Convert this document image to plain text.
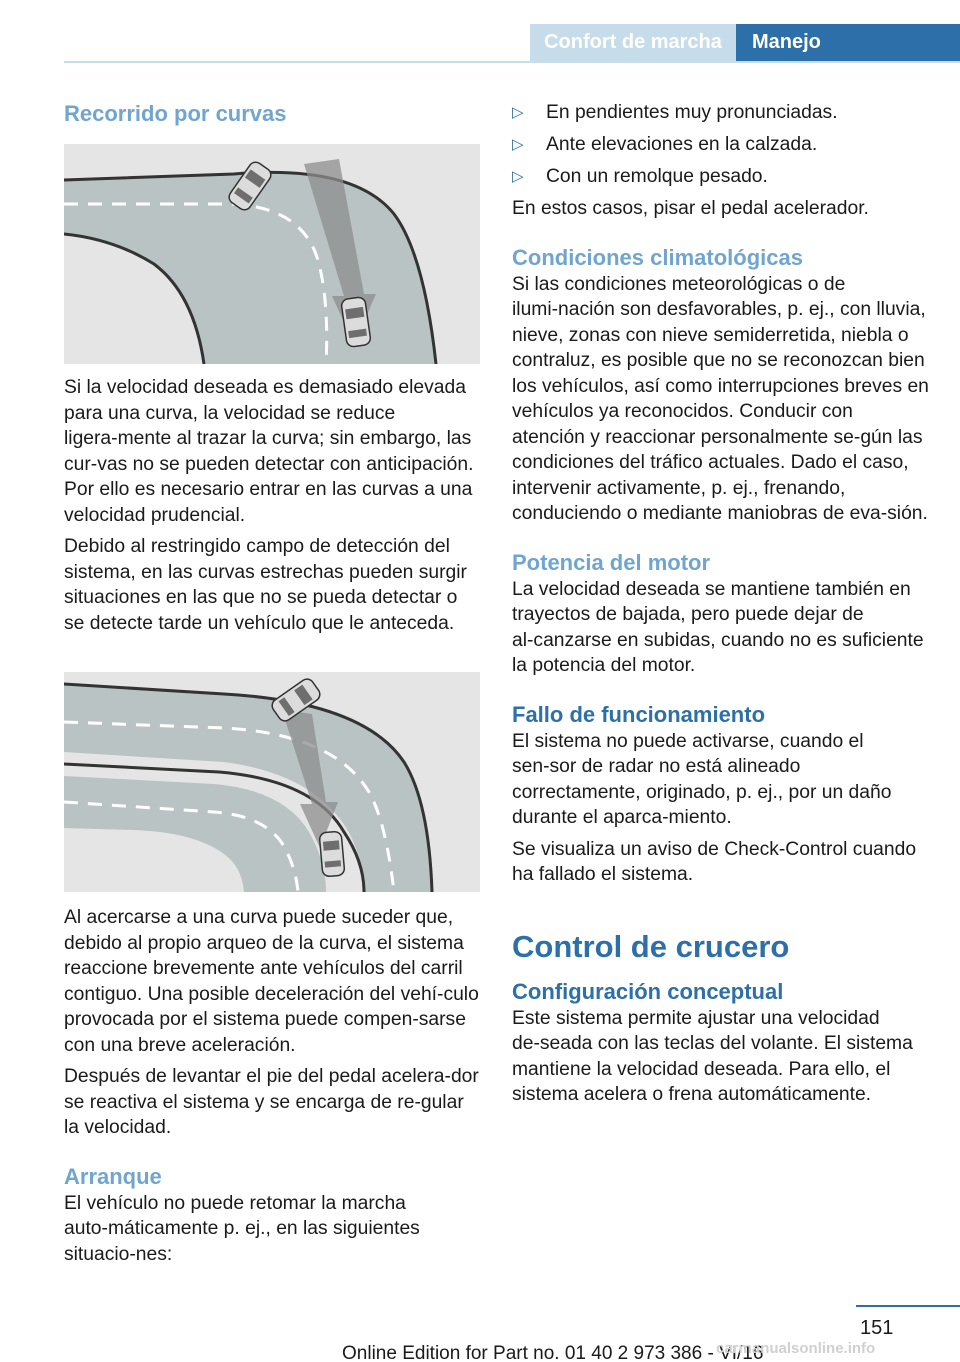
Confort de marcha	Manejo
Recorrido por curvas
Si la velocidad deseada es demasiado elevada para una curva, la velocidad se reduce ligera‑mente al trazar la curva; sin embargo, las cur‑vas no se pueden detectar con anticipación. Por ello es necesario entrar en las curvas a una velocidad prudencial.
Debido al restringido campo de detección del sistema, en las curvas estrechas pueden surgir situaciones en las que no se pueda detectar o se detecte tarde un vehículo que le anteceda.
Al acercarse a una curva puede suceder que, debido al propio arqueo de la curva, el sistema reaccione brevemente ante vehículos del carril contiguo. Una posible deceleración del vehí‑culo provocada por el sistema puede compen‑sarse con una breve aceleración.
Después de levantar el pie del pedal acelera‑dor se reactiva el sistema y se encarga de re‑gular la velocidad.
Arranque
El vehículo no puede retomar la marcha auto‑máticamente p. ej., en las siguientes situacio‑nes:
▷ En pendientes muy pronunciadas.
▷ Ante elevaciones en la calzada.
▷ Con un remolque pesado.
En estos casos, pisar el pedal acelerador.
Condiciones climatológicas
Si las condiciones meteorológicas o de ilumi‑nación son desfavorables, p. ej., con lluvia, nieve, zonas con nieve semiderretida, niebla o contraluz, es posible que no se reconozcan bien los vehículos, así como interrupciones breves en vehículos ya reconocidos. Conducir con atención y reaccionar personalmente se‑gún las condiciones del tráfico actuales. Dado el caso, intervenir activamente, p. ej., frenando, conduciendo o mediante maniobras de eva‑sión.
Potencia del motor
La velocidad deseada se mantiene también en trayectos de bajada, pero puede dejar de al‑canzarse en subidas, cuando no es suficiente la potencia del motor.
Fallo de funcionamiento
El sistema no puede activarse, cuando el sen‑sor de radar no está alineado correctamente, originado, p. ej., por un daño durante el aparca‑miento.
Se visualiza un aviso de Check-Control cuando ha fallado el sistema.
Control de crucero
Configuración conceptual
Este sistema permite ajustar una velocidad de‑seada con las teclas del volante. El sistema mantiene la velocidad deseada. Para ello, el sistema acelera o frena automáticamente.
151
Online Edition for Part no. 01 40 2 973 386 - VI/16
carmanualsonline.info
